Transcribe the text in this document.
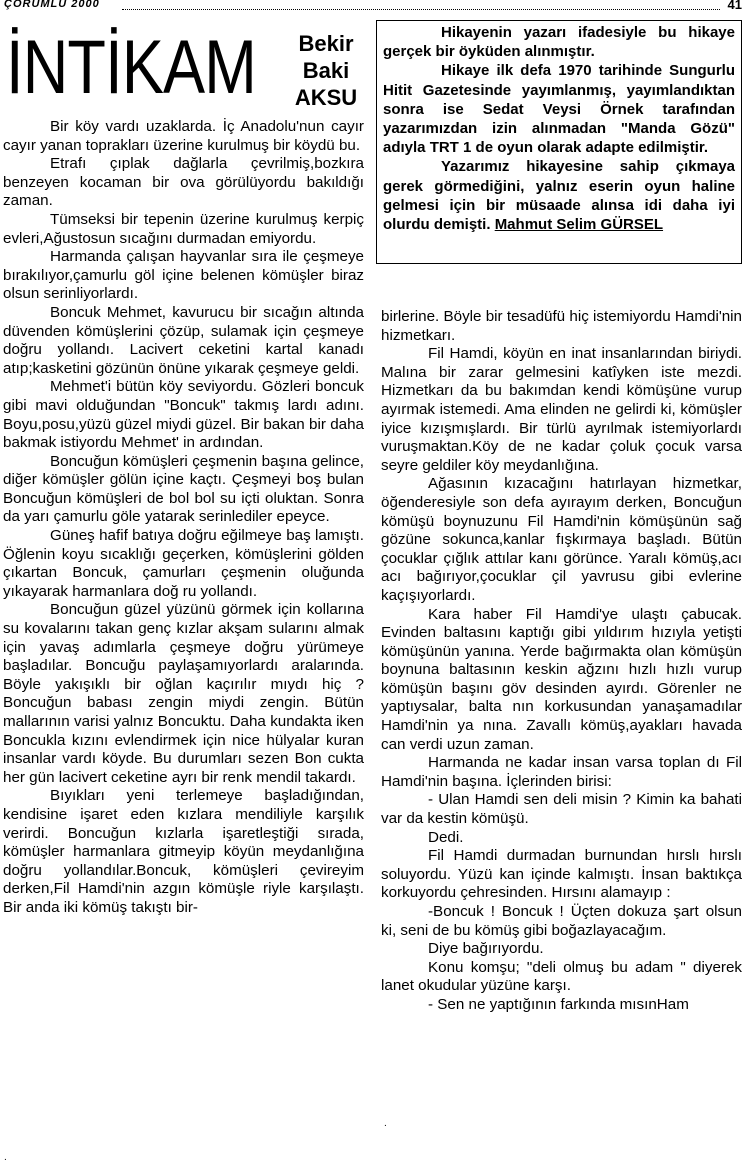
ÇORUMLU 2000	41
İNTİKAM	Bekir
Baki
AKSU

Hikayenin yazarı ifadesiyle bu hikaye gerçek bir öyküden alınmıştır.

Hikaye ilk defa 1970 tarihinde Sungurlu Hitit Gazetesinde yayımlanmış, yayımlandıktan sonra ise Sedat Veysi Örnek tarafından yazarımızdan izin alınmadan "Manda Gözü" adıyla TRT 1 de oyun olarak adapte edilmiştir.

Yazarımız hikayesine sahip çıkmaya gerek görmediğini, yalnız eserin oyun haline gelmesi için bir müsaade alınsa idi daha iyi olurdu demişti. Mahmut Selim GÜRSEL

Bir köy vardı uzaklarda. İç Anadolu'nun cayır cayır yanan toprakları üzerine kurulmuş bir köydü bu.

Etrafı çıplak dağlarla çevrilmiş,bozkıra benzeyen kocaman bir ova görülüyordu bakıldığı zaman.

Tümseksi bir tepenin üzerine kurulmuş kerpiç evleri,Ağustosun sıcağını durmadan emiyordu.

Harmanda çalışan hayvanlar sıra ile çeşmeye bırakılıyor,çamurlu göl içine belenen kömüşler biraz olsun serinliyorlardı.

Boncuk Mehmet, kavurucu bir sıcağın altında düvenden kömüşlerini çözüp, sulamak için çeşmeye doğru yollandı. Lacivert ceketini kartal kanadı atıp;kasketini gözünün önüne yıkarak çeşmeye geldi.

Mehmet'i bütün köy seviyordu. Gözleri boncuk gibi mavi olduğundan "Boncuk" takmış lardı adını. Boyu,posu,yüzü güzel miydi güzel. Bir bakan bir daha bakmak istiyordu Mehmet' in ardından.

Boncuğun kömüşleri çeşmenin başına gelince, diğer kömüşler gölün içine kaçtı. Çeşmeyi boş bulan Boncuğun kömüşleri de bol bol su içti oluktan. Sonra da yarı çamurlu göle yatarak serinlediler epeyce.

Güneş hafif batıya doğru eğilmeye baş lamıştı. Öğlenin koyu sıcaklığı geçerken, kömüşlerini gölden çıkartan Boncuk, çamurları çeşmenin oluğunda yıkayarak harmanlara doğ ru yollandı.

Boncuğun güzel yüzünü görmek için kollarına su kovalarını takan genç kızlar akşam sularını almak için yavaş adımlarla çeşmeye doğru yürümeye başladılar. Boncuğu paylaşamıyorlardı aralarında. Böyle yakışıklı bir oğlan kaçırılır mıydı hiç ? Boncuğun babası zengin miydi zengin. Bütün mallarının varisi yalnız Boncuktu. Daha kundakta iken Boncukla kızını evlendirmek için nice hülyalar kuran insanlar vardı köyde. Bu durumları sezen Bon cukta her gün lacivert ceketine ayrı bir renk mendil takardı.

Bıyıkları yeni terlemeye başladığından, kendisine işaret eden kızlara mendiliyle karşılık verirdi. Boncuğun kızlarla işaretleştiği sırada, kömüşler harmanlara gitmeyip köyün meydanlığına doğru yollandılar.Boncuk, kömüşleri çevireyim derken,Fil Hamdi'nin azgın kömüşle riyle karşılaştı. Bir anda iki kömüş takıştı bir-

birlerine. Böyle bir tesadüfü hiç istemiyordu Hamdi'nin hizmetkarı.

Fil Hamdi, köyün en inat insanlarından biriydi. Malına bir zarar gelmesini katîyken iste mezdi. Hizmetkarı da bu bakımdan kendi kömüşüne vurup ayırmak istemedi. Ama elinden ne gelirdi ki, kömüşler iyice kızışmışlardı. Bir türlü ayrılmak istemiyorlardı vuruşmaktan.Köy de ne kadar çoluk çocuk varsa seyre geldiler köy meydanlığına.

Ağasının kızacağını hatırlayan hizmetkar, öğenderesiyle son defa ayırayım derken, Boncuğun kömüşü boynuzunu Fil Hamdi'nin kömüşünün sağ gözüne sokunca,kanlar fışkırmaya başladı. Bütün çocuklar çığlık attılar kanı görünce. Yaralı kömüş,acı acı bağırıyor,çocuklar çil yavrusu gibi evlerine kaçışıyorlardı.

Kara haber Fil Hamdi'ye ulaştı çabucak. Evinden baltasını kaptığı gibi yıldırım hızıyla yetişti kömüşünün yanına. Yerde bağırmakta olan kömüşün boynuna baltasının keskin ağzını hızlı hızlı vurup kömüşün başını göv desinden ayırdı. Görenler ne yaptıysalar, balta nın korkusundan yanaşamadılar Hamdi'nin ya nına. Zavallı kömüş,ayakları havada can verdi uzun zaman.

Harmanda ne kadar insan varsa toplan dı Fil Hamdi'nin başına. İçlerinden birisi:

- Ulan Hamdi sen deli misin ? Kimin ka bahati var da kestin kömüşü.

Dedi.

Fil Hamdi durmadan burnundan hırslı hırslı soluyordu. Yüzü kan içinde kalmıştı. İnsan baktıkça korkuyordu çehresinden. Hırsını alamayıp :

-Boncuk ! Boncuk ! Üçten dokuza şart olsun ki, seni de bu kömüş gibi boğazlayacağım.

Diye bağırıyordu.

Konu komşu; "deli olmuş bu adam " diyerek lanet okudular yüzüne karşı.

- Sen ne yaptığının farkında mısınHam

.
.
